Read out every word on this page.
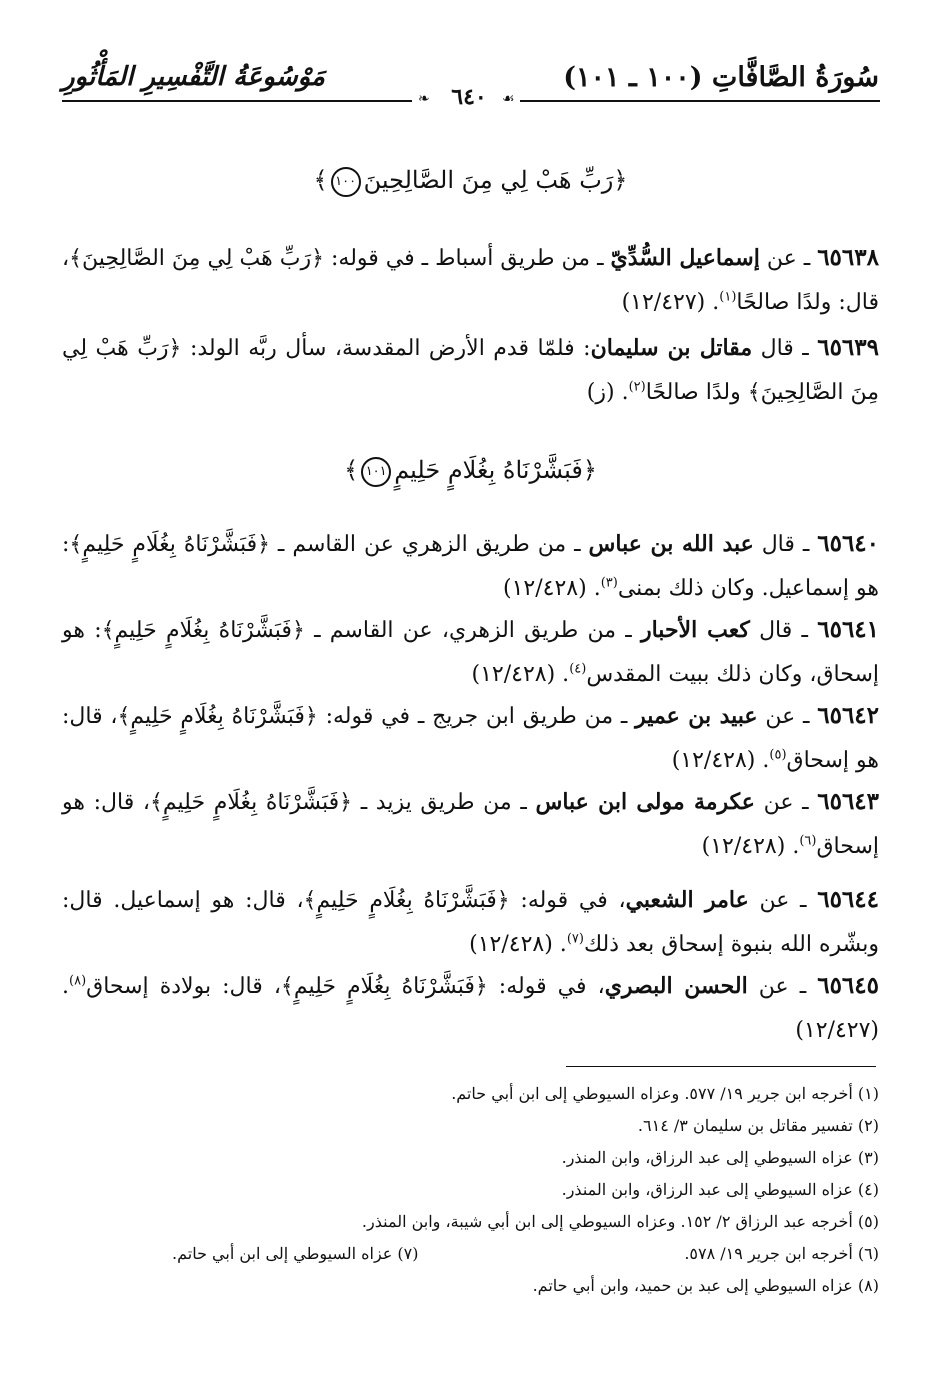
سُورَةُ الصَّافَّاتِ (١٠٠ ـ ١٠١)
مَوْسُوعَةُ التَّفْسِيرِ المَأْثُورِ
❧ ٦٤٠	☙
﴿رَبِّ هَبْ لِي مِنَ الصَّالِحِينَ١٠٠﴾
٦٥٦٣٨ ـ عن إسماعيل السُّدِّيّ ـ من طريق أسباط ـ في قوله: ﴿رَبِّ هَبْ لِي مِنَ الصَّالِحِينَ﴾، قال: ولدًا صالحًا$^{(١)}$. (١٢/٤٢٧)
٦٥٦٣٩ ـ قال مقاتل بن سليمان: فلمّا قدم الأرض المقدسة، سأل ربَّه الولد: ﴿رَبِّ هَبْ لِي مِنَ الصَّالِحِينَ﴾ ولدًا صالحًا$^{(٢)}$. (ز)
﴿فَبَشَّرْنَاهُ بِغُلَامٍ حَلِيمٍ١٠١﴾
٦٥٦٤٠ ـ قال عبد الله بن عباس ـ من طريق الزهري عن القاسم ـ ﴿فَبَشَّرْنَاهُ بِغُلَامٍ حَلِيمٍ﴾: هو إسماعيل. وكان ذلك بمنى$^{(٣)}$. (١٢/٤٢٨)
٦٥٦٤١ ـ قال كعب الأحبار ـ من طريق الزهري، عن القاسم ـ ﴿فَبَشَّرْنَاهُ بِغُلَامٍ حَلِيمٍ﴾: هو إسحاق، وكان ذلك ببيت المقدس$^{(٤)}$. (١٢/٤٢٨)
٦٥٦٤٢ ـ عن عبيد بن عمير ـ من طريق ابن جريج ـ في قوله: ﴿فَبَشَّرْنَاهُ بِغُلَامٍ حَلِيمٍ﴾، قال: هو إسحاق$^{(٥)}$. (١٢/٤٢٨)
٦٥٦٤٣ ـ عن عكرمة مولى ابن عباس ـ من طريق يزيد ـ ﴿فَبَشَّرْنَاهُ بِغُلَامٍ حَلِيمٍ﴾، قال: هو إسحاق$^{(٦)}$. (١٢/٤٢٨)
٦٥٦٤٤ ـ عن عامر الشعبي، في قوله: ﴿فَبَشَّرْنَاهُ بِغُلَامٍ حَلِيمٍ﴾، قال: هو إسماعيل. قال: وبشّره الله بنبوة إسحاق بعد ذلك$^{(٧)}$. (١٢/٤٢٨)
٦٥٦٤٥ ـ عن الحسن البصري، في قوله: ﴿فَبَشَّرْنَاهُ بِغُلَامٍ حَلِيمٍ﴾، قال: بولادة إسحاق$^{(٨)}$. (١٢/٤٢٧)
(١) أخرجه ابن جرير ١٩/ ٥٧٧. وعزاه السيوطي إلى ابن أبي حاتم.
(٢) تفسير مقاتل بن سليمان ٣/ ٦١٤.
(٣) عزاه السيوطي إلى عبد الرزاق، وابن المنذر.
(٤) عزاه السيوطي إلى عبد الرزاق، وابن المنذر.
(٥) أخرجه عبد الرزاق ٢/ ١٥٢. وعزاه السيوطي إلى ابن أبي شيبة، وابن المنذر.
(٦) أخرجه ابن جرير ١٩/ ٥٧٨.
(٧) عزاه السيوطي إلى ابن أبي حاتم.
(٨) عزاه السيوطي إلى عبد بن حميد، وابن أبي حاتم.
